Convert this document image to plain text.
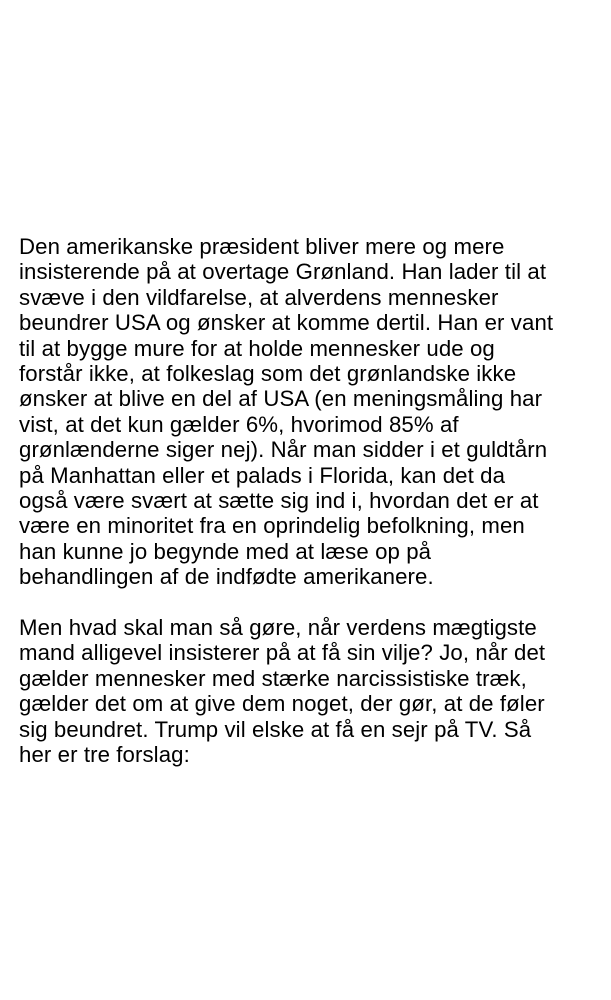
Den amerikanske præsident bliver mere og mere
insisterende på at overtage Grønland. Han lader til at
svæve i den vildfarelse, at alverdens mennesker
beundrer USA og ønsker at komme dertil. Han er vant
til at bygge mure for at holde mennesker ude og
forstår ikke, at folkeslag som det grønlandske ikke
ønsker at blive en del af USA (en meningsmåling har
vist, at det kun gælder 6%, hvorimod 85% af
grønlænderne siger nej). Når man sidder i et guldtårn
på Manhattan eller et palads i Florida, kan det da
også være svært at sætte sig ind i, hvordan det er at
være en minoritet fra en oprindelig befolkning, men
han kunne jo begynde med at læse op på
behandlingen af de indfødte amerikanere.

Men hvad skal man så gøre, når verdens mægtigste
mand alligevel insisterer på at få sin vilje? Jo, når det
gælder mennesker med stærke narcissistiske træk,
gælder det om at give dem noget, der gør, at de føler
sig beundret. Trump vil elske at få en sejr på TV. Så
her er tre forslag:
